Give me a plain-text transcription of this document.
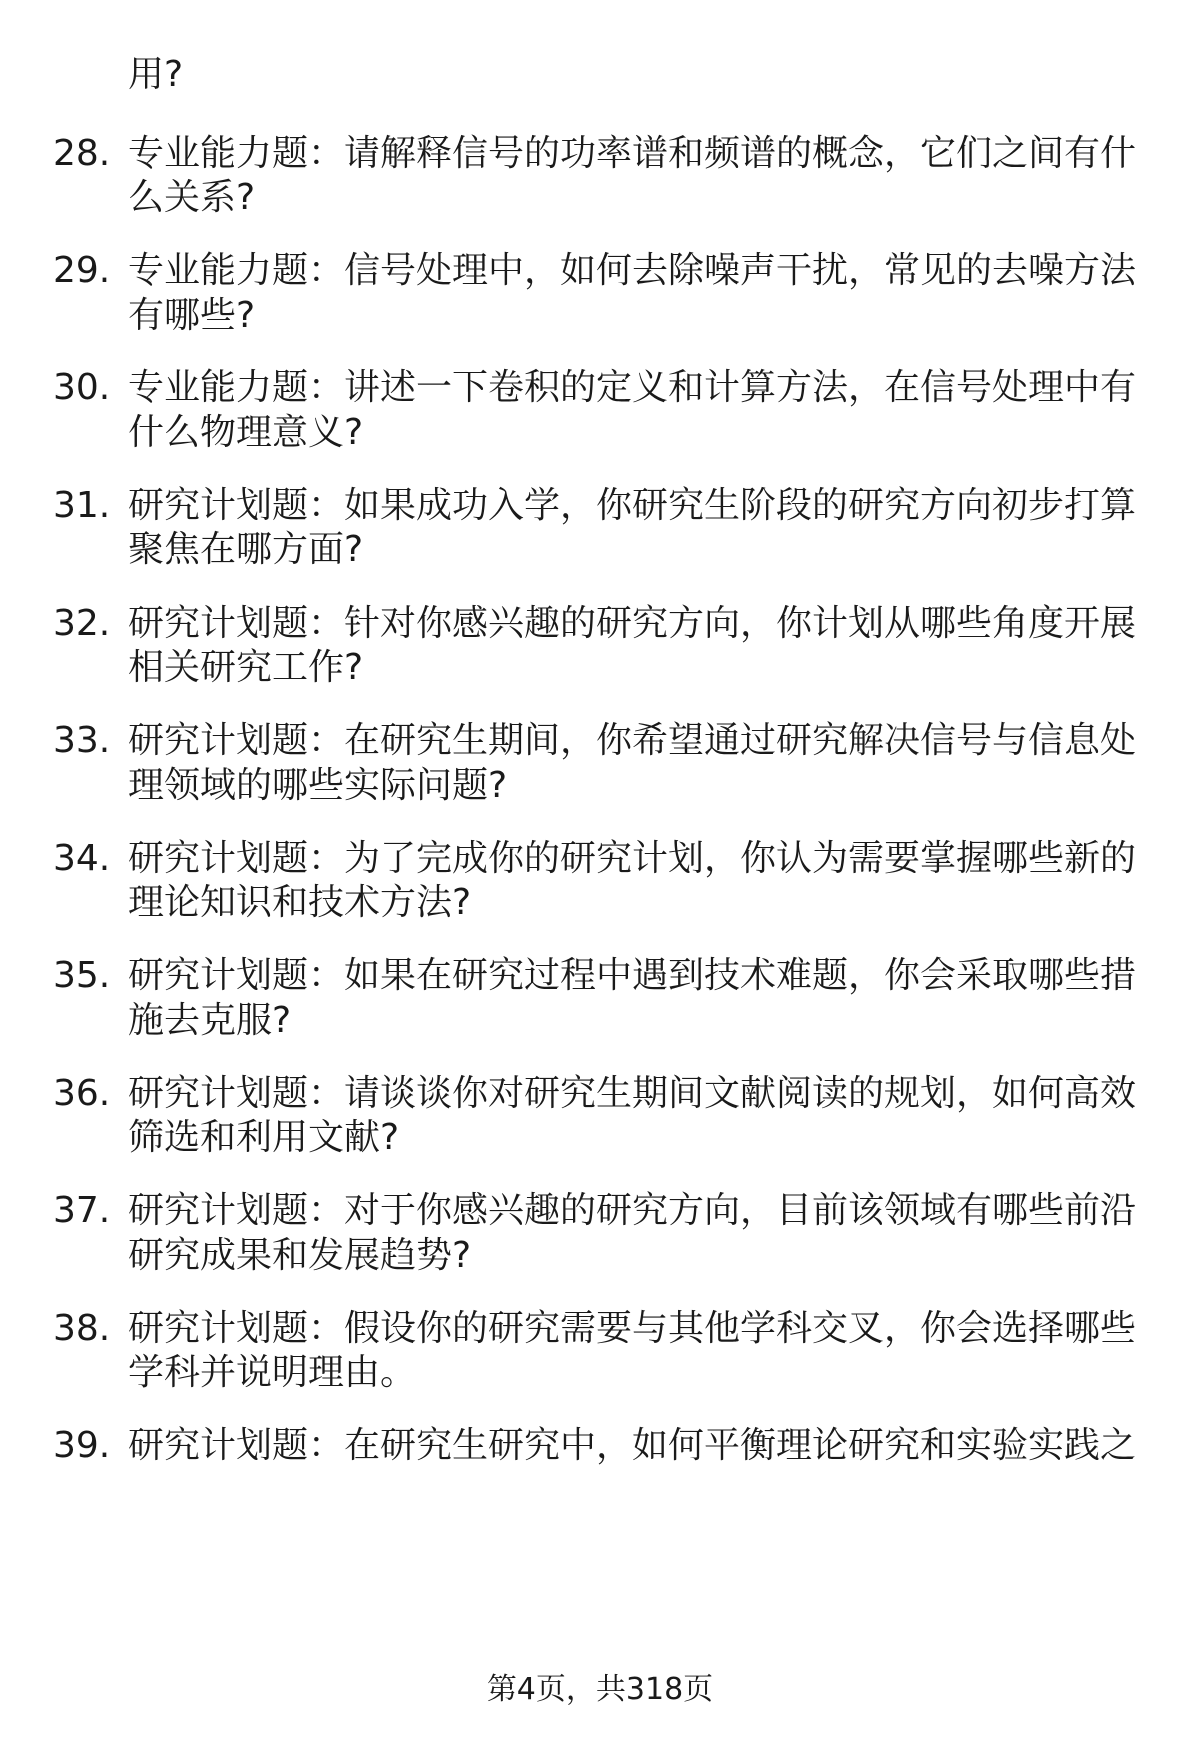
用?
28. 专业能力题：请解释信号的功率谱和频谱的概念，它们之间有什
么关系?
29. 专业能力题：信号处理中，如何去除噪声干扰，常见的去噪方法
有哪些?
30. 专业能力题：讲述一下卷积的定义和计算方法，在信号处理中有
什么物理意义?
31. 研究计划题：如果成功入学，你研究生阶段的研究方向初步打算
聚焦在哪方面?
32. 研究计划题：针对你感兴趣的研究方向，你计划从哪些角度开展
相关研究工作?
33. 研究计划题：在研究生期间，你希望通过研究解决信号与信息处
理领域的哪些实际问题?
34. 研究计划题：为了完成你的研究计划，你认为需要掌握哪些新的
理论知识和技术方法?
35. 研究计划题：如果在研究过程中遇到技术难题，你会采取哪些措
施去克服?
36. 研究计划题：请谈谈你对研究生期间文献阅读的规划，如何高效
筛选和利用文献?
37. 研究计划题：对于你感兴趣的研究方向，目前该领域有哪些前沿
研究成果和发展趋势?
38. 研究计划题：假设你的研究需要与其他学科交叉，你会选择哪些
学科并说明理由。
39. 研究计划题：在研究生研究中，如何平衡理论研究和实验实践之
第4页，共318页
